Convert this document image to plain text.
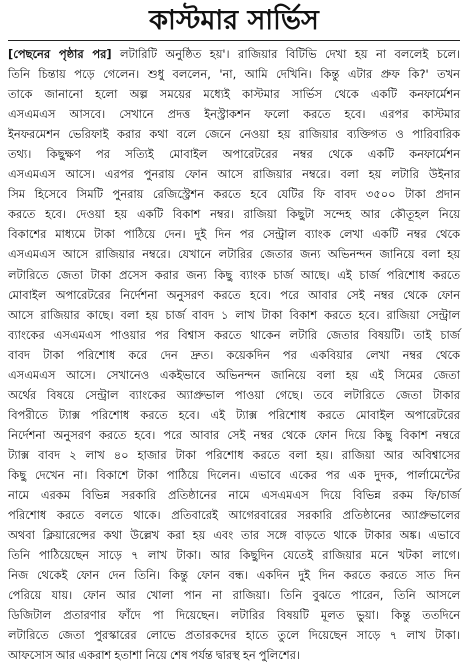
কাস্টমার সার্ভিস
[পেছনের পৃষ্ঠার পর] লটারিটি অনুষ্ঠিত হয়'। রাজিয়ার বিটিভি দেখা হয় না বললেই চলে।
তিনি চিন্তায় পড়ে গেলেন। শুধু বললেন, 'না, আমি দেখিনি। কিন্তু এটার প্রুফ কি?' তখন
তাকে জানানো হলো অল্প সময়ের মধ্যেই কাস্টমার সার্ভিস থেকে একটি কনফার্মেশন
এসএমএস আসবে। সেখানে প্রদত্ত ইনস্ট্রাকশন ফলো করতে হবে। এরপর কাস্টমার
ইনফরমেশন ভেরিফাই করার কথা বলে জেনে নেওয়া হয় রাজিয়ার ব্যক্তিগত ও পারিবারিক
তথ্য। কিছুক্ষণ পর সত্যিই মোবাইল অপারেটরের নম্বর থেকে একটি কনফার্মেশন
এসএমএস আসে। এরপর পুনরায় ফোন আসে রাজিয়ার নম্বরে। বলা হয় লটারি উইনার
সিম হিসেবে সিমটি পুনরায় রেজিস্ট্রেশন করতে হবে যেটির ফি বাবদ ৩৫০০ টাকা প্রদান
করতে হবে। দেওয়া হয় একটি বিকাশ নম্বর। রাজিয়া কিছুটা সন্দেহ আর কৌতূহল নিয়ে
বিকাশের মাধ্যমে টাকা পাঠিয়ে দেন। দুই দিন পর সেন্ট্রাল ব্যাংক লেখা একটি নম্বর থেকে
এসএমএস আসে রাজিয়ার নম্বরে। যেখানে লটারির জেতার জন্য অভিনন্দন জানিয়ে বলা হয়
লটারিতে জেতা টাকা প্রসেস করার জন্য কিছু ব্যাংক চার্জ আছে। এই চার্জ পরিশোধ করতে
মোবাইল অপারেটরের নির্দেশনা অনুসরণ করতে হবে। পরে আবার সেই নম্বর থেকে ফোন
আসে রাজিয়ার কাছে। বলা হয় চার্জ বাবদ ১ লাখ টাকা বিকাশ করতে হবে। রাজিয়া সেন্ট্রাল
ব্যাংকের এসএমএস পাওয়ার পর বিশ্বাস করতে থাকেন লটারি জেতার বিষয়টি। তাই চার্জ
বাবদ টাকা পরিশোধ করে দেন দ্রুত। কয়েকদিন পর একবিয়ার লেখা নম্বর থেকে
এসএমএস আসে। সেখানেও একইভাবে অভিনন্দন জানিয়ে বলা হয় এই সিমের জেতা
অর্থের বিষয়ে সেন্ট্রাল ব্যাংকের অ্যাপ্রুভাল পাওয়া গেছে। তবে লটারিতে জেতা টাকার
বিপরীতে ট্যাক্স পরিশোধ করতে হবে। এই ট্যাক্স পরিশোধ করতে মোবাইল অপারেটরের
নির্দেশনা অনুসরণ করতে হবে। পরে আবার সেই নম্বর থেকে ফোন দিয়ে কিছু বিকাশ নম্বরে
ট্যাক্স বাবদ ২ লাখ ৪০ হাজার টাকা পরিশোধ করতে বলা হয়। রাজিয়া আর অবিশ্বাসের
কিছু দেখেন না। বিকাশে টাকা পাঠিয়ে দিলেন। এভাবে একের পর এক দুদক, পার্লামেন্টের
নামে এরকম বিভিন্ন সরকারি প্রতিষ্ঠানের নামে এসএমএস দিয়ে বিভিন্ন রকম ফি/চার্জ
পরিশোধ করতে বলতে থাকে। প্রতিবারেই আগেরবারের সরকারি প্রতিষ্ঠানের অ্যাপ্রুভালের
অথবা ক্লিয়ারেন্সের কথা উল্লেখ করা হয় এবং তার সঙ্গে বাড়তে থাকে টাকার অঙ্ক। এভাবে
তিনি পাঠিয়েছেন সাড়ে ৭ লাখ টাকা। আর কিছুদিন যেতেই রাজিয়ার মনে খটকা লাগে।
নিজ থেকেই ফোন দেন তিনি। কিন্তু ফোন বন্ধ। একদিন দুই দিন করতে করতে সাত দিন
পেরিয়ে যায়। ফোন আর খোলা পান না রাজিয়া। তিনি বুঝতে পারেন, তিনি আসলে
ডিজিটাল প্রতারণার ফাঁদে পা দিয়েছেন। লটারির বিষয়টি মূলত ভুয়া। কিন্তু ততদিনে
লটারিতে জেতা পুরস্কারের লোভে প্রতারকদের হাতে তুলে দিয়েছেন সাড়ে ৭ লাখ টাকা।
আফসোস আর একরাশ হতাশা নিয়ে শেষ পর্যন্ত দ্বারস্থ হন পুলিশের।
